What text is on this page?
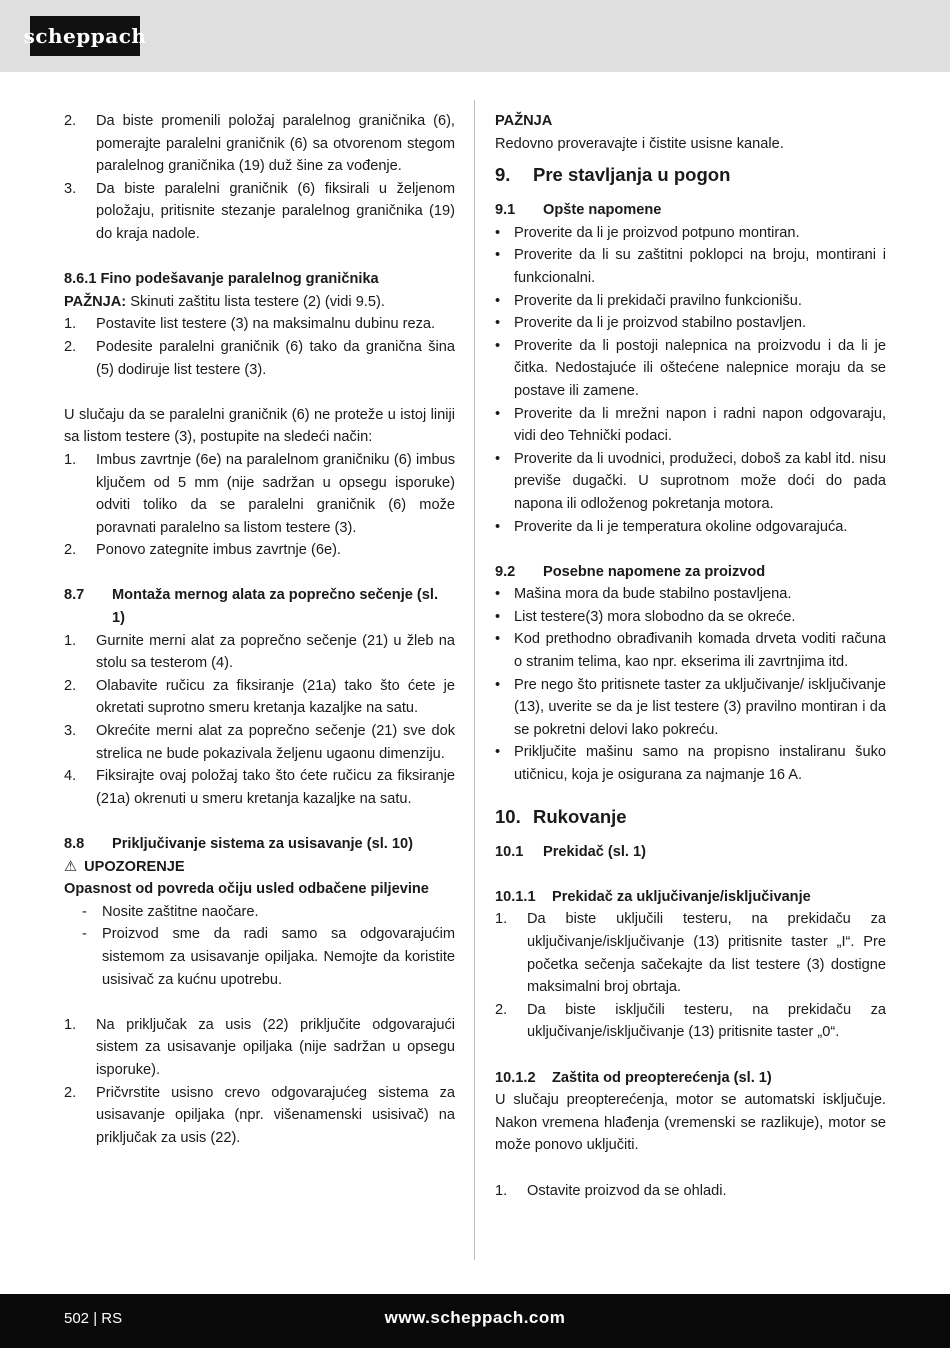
scheppach
2.	Da biste promenili položaj paralelnog graničnika (6), pomerajte paralelni graničnik (6) sa otvorenom stegom paralelnog graničnika (19) duž šine za vođenje.
3.	Da biste paralelni graničnik (6) fiksirali u željenom položaju, pritisnite stezanje paralelnog graničnika (19) do kraja nadole.

8.6.1 Fino podešavanje paralelnog graničnika

PAŽNJA: Skinuti zaštitu lista testere (2) (vidi 9.5).

1.	Postavite list testere (3) na maksimalnu dubinu reza.
2.	Podesite paralelni graničnik (6) tako da granična šina (5) dodiruje list testere (3).

U slučaju da se paralelni graničnik (6) ne proteže u istoj liniji sa listom testere (3), postupite na sledeći način:

1.	Imbus zavrtnje (6e) na paralelnom graničniku (6) imbus ključem od 5 mm (nije sadržan u opsegu isporuke) odviti toliko da se paralelni graničnik (6) može poravnati paralelno sa listom testere (3).
2.	Ponovo zategnite imbus zavrtnje (6e).
8.7	Montaža mernog alata za poprečno sečenje (sl. 1)
1.	Gurnite merni alat za poprečno sečenje (21) u žleb na stolu sa testerom (4).
2.	Olabavite ručicu za fiksiranje (21a) tako što ćete je okretati suprotno smeru kretanja kazaljke na satu.
3.	Okrećite merni alat za poprečno sečenje (21) sve dok strelica ne bude pokazivala željenu ugaonu dimenziju.
4.	Fiksirajte ovaj položaj tako što ćete ručicu za fiksiranje (21a) okrenuti u smeru kretanja kazaljke na satu.
8.8	Priključivanje sistema za usisavanje (sl. 10)

⚠ UPOZORENJE

Opasnost od povreda očiju usled odbačene piljevine

-	Nosite zaštitne naočare.
-	Proizvod sme da radi samo sa odgovarajućim sistemom za usisavanje opiljaka. Nemojte da koristite usisivač za kućnu upotrebu.
1.	Na priključak za usis (22) priključite odgovarajući sistem za usisavanje opiljaka (nije sadržan u opsegu isporuke).
2.	Pričvrstite usisno crevo odgovarajućeg sistema za usisavanje opiljaka (npr. višenamenski usisivač) na priključak za usis (22).

PAŽNJA

Redovno proveravajte i čistite usisne kanale.

9.	Pre stavljanja u pogon
9.1	Opšte napomene
• Proverite da li je proizvod potpuno montiran.
• Proverite da li su zaštitni poklopci na broju, montirani i funkcionalni.
• Proverite da li prekidači pravilno funkcionišu.
• Proverite da li je proizvod stabilno postavljen.
• Proverite da li postoji nalepnica na proizvodu i da li je čitka. Nedostajuće ili oštećene nalepnice moraju da se postave ili zamene.
• Proverite da li mrežni napon i radni napon odgovaraju, vidi deo Tehnički podaci.
• Proverite da li uvodnici, produžeci, doboš za kabl itd. nisu previše dugački. U suprotnom može doći do pada napona ili odloženog pokretanja motora.
• Proverite da li je temperatura okoline odgovarajuća.
9.2	Posebne napomene za proizvod
• Mašina mora da bude stabilno postavljena.
• List testere(3) mora slobodno da se okreće.
• Kod prethodno obrađivanih komada drveta voditi računa o stranim telima, kao npr. ekserima ili zavrtnjima itd.
• Pre nego što pritisnete taster za uključivanje/ isključivanje (13), uverite se da je list testere (3) pravilno montiran i da se pokretni delovi lako pokreću.
• Priključite mašinu samo na propisno instaliranu šuko utičnicu, koja je osigurana za najmanje 16 A.
10. Rukovanje
10.1	Prekidač (sl. 1)
10.1.1	Prekidač za uključivanje/isključivanje
1.	Da biste uključili testeru, na prekidaču za uključivanje/isključivanje (13) pritisnite taster „I“. Pre početka sečenja sačekajte da list testere (3) dostigne maksimalni broj obrtaja.
2.	Da biste isključili testeru, na prekidaču za uključivanje/isključivanje (13) pritisnite taster „0“.
10.1.2	Zaštita od preopterećenja (sl. 1)

U slučaju preopterećenja, motor se automatski isključuje. Nakon vremena hlađenja (vremenski se razlikuje), motor se može ponovo uključiti.

1.	Ostavite proizvod da se ohladi.
502 | RS	www.scheppach.com
